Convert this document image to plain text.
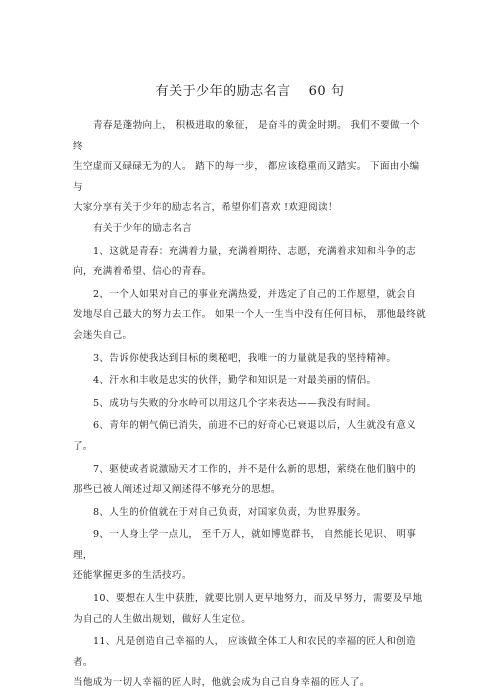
有关于少年的励志名言 60 句

青春是蓬勃向上， 积极进取的象征， 是奋斗的黄金时期。 我们不要做一个终

生空虚而又碌碌无为的人。 踏下的每一步， 都应该稳重而又踏实。 下面由小编与

大家分享有关于少年的励志名言，希望你们喜欢 !欢迎阅读！

有关于少年的励志名言

1、这就是青春：充满着力量，充满着期待、志愿，充满着求知和斗争的志

向，充满着希望、信心的青春。

2、一个人如果对自己的事业充满热爱，并选定了自己的工作愿望，就会自

发地尽自己最大的努力去工作。 如果一个人一生当中没有任何目标， 那他最终就

会迷失自己。

3、告诉你使我达到目标的奥秘吧，我唯一的力量就是我的坚持精神。

4、汗水和丰收是忠实的伙伴，勤学和知识是一对最美丽的情侣。

5、成功与失败的分水岭可以用这几个字来表达——我没有时间。

6、青年的朝气倘已消失，前进不已的好奇心已衰退以后，人生就没有意义

了。

7、驱使或者说激励天才工作的，并不是什么新的思想，萦绕在他们脑中的

那些已被人阐述过却又阐述得不够充分的思想。

8、人生的价值就在于对自己负责，对国家负责，为世界服务。

9、一人身上学一点儿， 至千万人，就如博览群书， 自然能长见识、 明事理，

还能掌握更多的生活技巧。

10、要想在人生中获胜，就要比别人更早地努力，而及早努力，需要及早地

为自己的人生做出规划，做好人生定位。

11、凡是创造自己幸福的人， 应该做全体工人和农民的幸福的匠人和创造者。

当他成为一切人幸福的匠人时，他就会成为自己自身幸福的匠人了。
